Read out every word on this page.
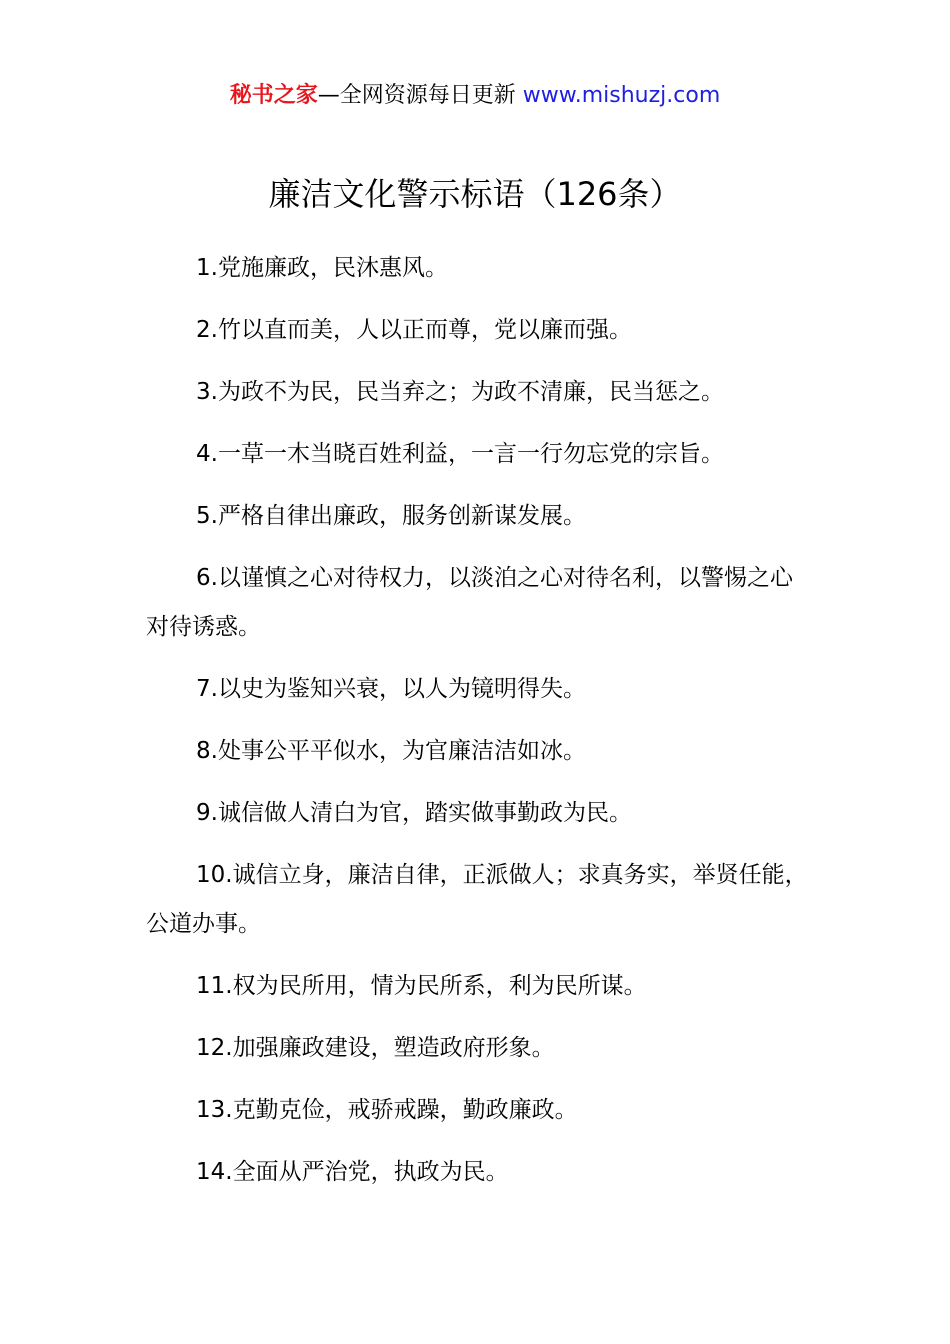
秘书之家—全网资源每日更新 www.mishuzj.com
廉洁文化警示标语（126条）
1.党施廉政，民沐惠风。
2.竹以直而美，人以正而尊，党以廉而强。
3.为政不为民，民当弃之；为政不清廉，民当惩之。
4.一草一木当晓百姓利益，一言一行勿忘党的宗旨。
5.严格自律出廉政，服务创新谋发展。
6.以谨慎之心对待权力，以淡泊之心对待名利，以警惕之心对待诱惑。
7.以史为鉴知兴衰，以人为镜明得失。
8.处事公平平似水，为官廉洁洁如冰。
9.诚信做人清白为官，踏实做事勤政为民。
10.诚信立身，廉洁自律，正派做人；求真务实，举贤任能，公道办事。
11.权为民所用，情为民所系，利为民所谋。
12.加强廉政建设，塑造政府形象。
13.克勤克俭，戒骄戒躁，勤政廉政。
14.全面从严治党，执政为民。
